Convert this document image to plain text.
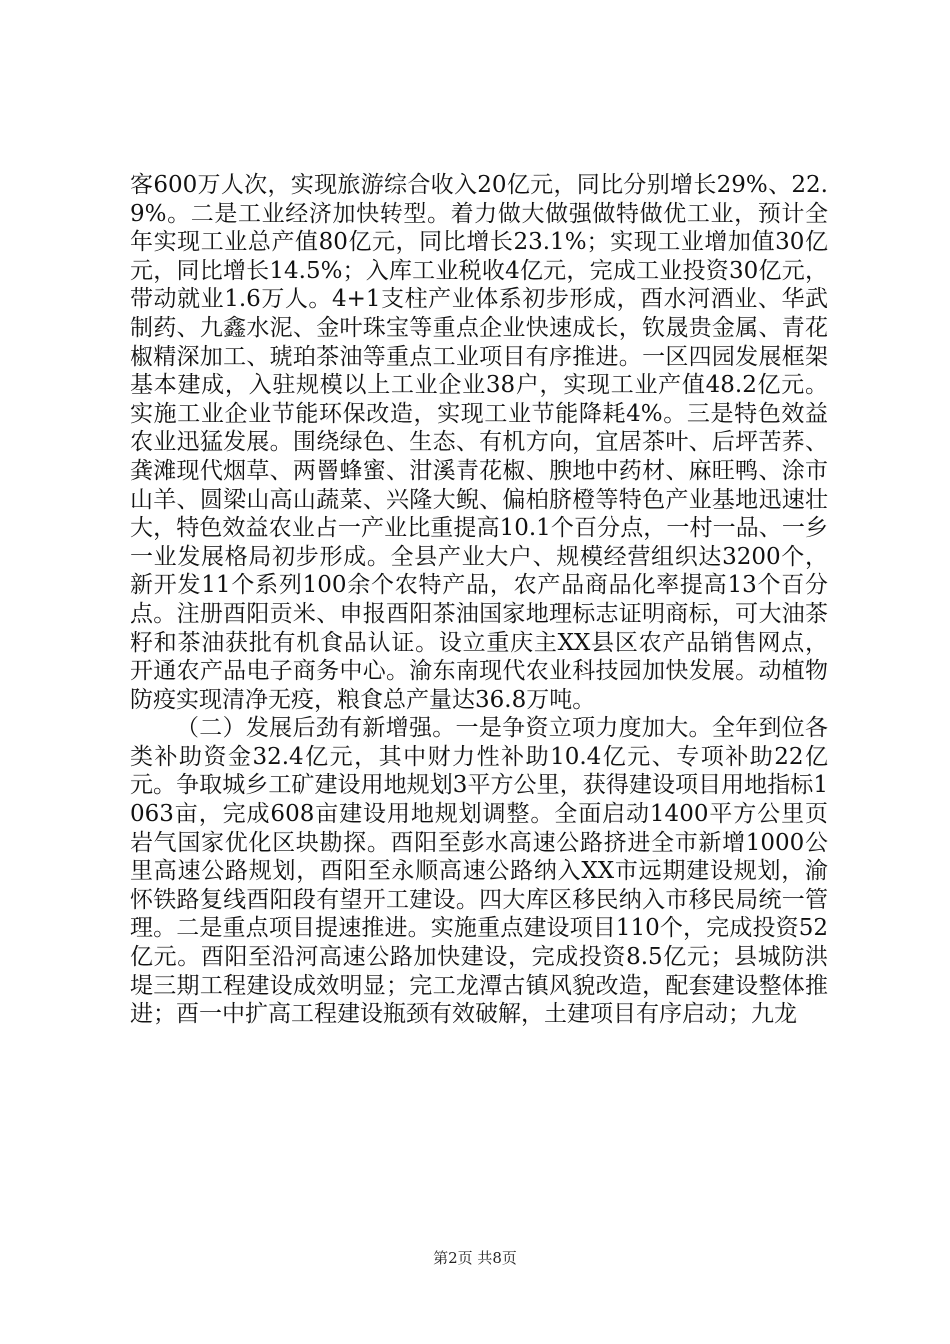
客600万人次，实现旅游综合收入20亿元，同比分别增长29%、22.9%。二是工业经济加快转型。着力做大做强做特做优工业，预计全年实现工业总产值80亿元，同比增长23.1%；实现工业增加值30亿元，同比增长14.5%；入库工业税收4亿元，完成工业投资30亿元，带动就业1.6万人。4+1支柱产业体系初步形成，酉水河酒业、华武制药、九鑫水泥、金叶珠宝等重点企业快速成长，钦晟贵金属、青花椒精深加工、琥珀茶油等重点工业项目有序推进。一区四园发展框架基本建成，入驻规模以上工业企业38户，实现工业产值48.2亿元。实施工业企业节能环保改造，实现工业节能降耗4%。三是特色效益农业迅猛发展。围绕绿色、生态、有机方向，宜居茶叶、后坪苦荞、龚滩现代烟草、两罾蜂蜜、泔溪青花椒、腴地中药材、麻旺鸭、涂市山羊、圆梁山高山蔬菜、兴隆大鲵、偏柏脐橙等特色产业基地迅速壮大，特色效益农业占一产业比重提高10.1个百分点，一村一品、一乡一业发展格局初步形成。全县产业大户、规模经营组织达3200个，新开发11个系列100余个农特产品，农产品商品化率提高13个百分点。注册酉阳贡米、申报酉阳茶油国家地理标志证明商标，可大油茶籽和茶油获批有机食品认证。设立重庆主XX县区农产品销售网点，开通农产品电子商务中心。渝东南现代农业科技园加快发展。动植物防疫实现清净无疫，粮食总产量达36.8万吨。

（二）发展后劲有新增强。一是争资立项力度加大。全年到位各类补助资金32.4亿元，其中财力性补助10.4亿元、专项补助22亿元。争取城乡工矿建设用地规划3平方公里，获得建设项目用地指标1063亩，完成608亩建设用地规划调整。全面启动1400平方公里页岩气国家优化区块勘探。酉阳至彭水高速公路挤进全市新增1000公里高速公路规划，酉阳至永顺高速公路纳入XX市远期建设规划，渝怀铁路复线酉阳段有望开工建设。四大库区移民纳入市移民局统一管理。二是重点项目提速推进。实施重点建设项目110个，完成投资52亿元。酉阳至沿河高速公路加快建设，完成投资8.5亿元；县城防洪堤三期工程建设成效明显；完工龙潭古镇风貌改造，配套建设整体推进；酉一中扩高工程建设瓶颈有效破解，土建项目有序启动；九龙

第2页 共8页
